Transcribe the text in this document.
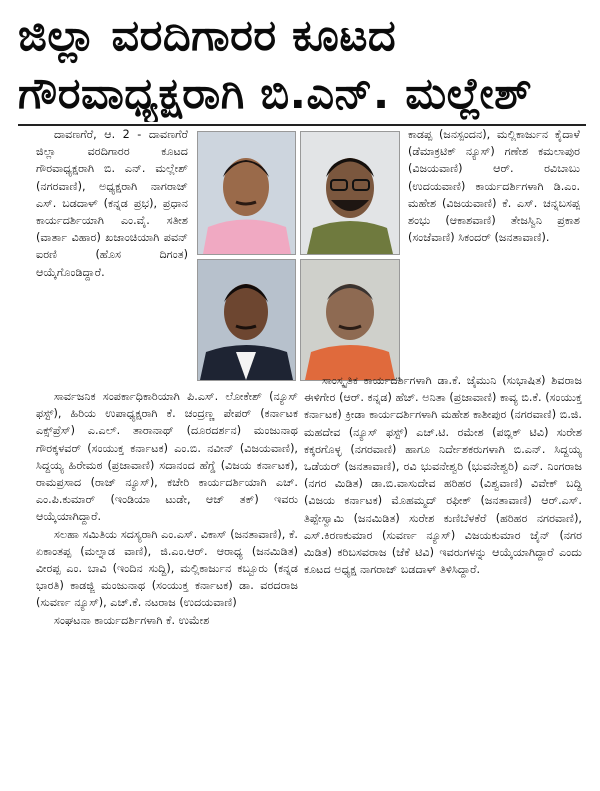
ಜಿಲ್ಲಾ ವರದಿಗಾರರ ಕೂಟದ
ಗೌರವಾಧ್ಯಕ್ಷರಾಗಿ ಬಿ.ಎನ್. ಮಲ್ಲೇಶ್

ದಾವಣಗೆರೆ, ಆ. 2 - ದಾವಣಗೆರೆ ಜಿಲ್ಲಾ ವರದಿಗಾರರ ಕೂಟದ ಗೌರವಾಧ್ಯಕ್ಷರಾಗಿ ಬಿ. ಎನ್. ಮಲ್ಲೇಶ್ (ನಗರವಾಣಿ), ಅಧ್ಯಕ್ಷರಾಗಿ ನಾಗರಾಜ್ ಎಸ್. ಬಡದಾಳ್ (ಕನ್ನಡ ಪ್ರಭ), ಪ್ರಧಾನ ಕಾರ್ಯದರ್ಶಿಯಾಗಿ ಎಂ.ವೈ. ಸತೀಶ (ವಾರ್ತಾ ವಿಹಾರ) ಖಜಾಂಚಿಯಾಗಿ ಪವನ್ ಐರಣಿ (ಹೊಸ ದಿಗಂತ) ಆಯ್ಕೆಗೊಂಡಿದ್ದಾರೆ.

ಕಾಡಪ್ಪ (ಜನಸ್ಪಂದನ), ಮಲ್ಲಿಕಾರ್ಜುನ ಕೈದಾಳೆ (ಡೆಮಾಕ್ರಟಿಕ್ ನ್ಯೂಸ್) ಗಣೇಶ ಕಮಲಾಪುರ (ವಿಜಯವಾಣಿ) ಆರ್. ರವಿಬಾಬು (ಉದಯವಾಣಿ) ಕಾರ್ಯದರ್ಶಿಗಳಾಗಿ ಡಿ.ಎಂ. ಮಹೇಶ (ವಿಜಯವಾಣಿ) ಕೆ. ಎಸ್. ಚನ್ನಬಸಪ್ಪ ಶಂಭು (ಆಕಾಶವಾಣಿ) ತೇಜಸ್ವಿನಿ ಪ್ರಕಾಶ (ಸಂಜೆವಾಣಿ) ಸಿಕಂದರ್ (ಜನತಾವಾಣಿ).

ಸಾರ್ವಜನಿಕ ಸಂಪರ್ಕಾಧಿಕಾರಿಯಾಗಿ ಪಿ.ಎಸ್. ಲೋಕೇಶ್ (ನ್ಯೂಸ್ ಫಸ್ಟ್), ಹಿರಿಯ ಉಪಾಧ್ಯಕ್ಷರಾಗಿ ಕೆ. ಚಂದ್ರಣ್ಣ ಪೇಪರ್ (ಕರ್ನಾಟಕ ಎಕ್ಸ್‌ಪ್ರೆಸ್) ಎ.ಎಲ್. ತಾರಾನಾಥ್ (ದೂರದರ್ಶನ) ಮಂಜುನಾಥ ಗೌರಕ್ಕಳವರ್ (ಸಂಯುಕ್ತ ಕರ್ನಾಟಕ) ಎಂ.ಬಿ. ನವೀನ್ (ವಿಜಯವಾಣಿ), ಸಿದ್ದಯ್ಯ ಹಿರೇಮಠ (ಪ್ರಜಾವಾಣಿ) ಸದಾನಂದ ಹೆಗ್ಡೆ (ವಿಜಯ ಕರ್ನಾಟಕ), ರಾಮಪ್ರಸಾದ (ರಾಜ್ ನ್ಯೂಸ್), ಕಚೇರಿ ಕಾರ್ಯದರ್ಶಿಯಾಗಿ ಎಚ್. ಎಂ.ಪಿ.ಕುಮಾರ್ (ಇಂಡಿಯಾ ಟುಡೇ, ಆಜ್ ತಕ್) ಇವರು ಆಯ್ಕೆಯಾಗಿದ್ದಾರೆ.

ಸಲಹಾ ಸಮಿತಿಯ ಸದಸ್ಯರಾಗಿ ಎಂ.ಎಸ್. ವಿಕಾಸ್ (ಜನತಾವಾಣಿ), ಕೆ. ಏಕಾಂತಪ್ಪ (ಮಲ್ನಾಡ ವಾಣಿ), ಜಿ.ಎಂ.ಆರ್. ಆರಾಧ್ಯ (ಜನಮಿಡಿತ) ವೀರಪ್ಪ ಎಂ. ಬಾವಿ (ಇಂದಿನ ಸುದ್ದಿ), ಮಲ್ಲಿಕಾರ್ಜುನ ಕಬ್ಬೂರು (ಕನ್ನಡ ಭಾರತಿ) ಕಾಡಜ್ಜಿ ಮಂಜುನಾಥ (ಸಂಯುಕ್ತ ಕರ್ನಾಟಕ) ಡಾ. ವರದರಾಜ (ಸುವರ್ಣ ನ್ಯೂಸ್), ಎಚ್.ಕೆ. ನಟರಾಜ (ಉದಯವಾಣಿ)

ಸಂಘಟನಾ ಕಾರ್ಯದರ್ಶಿಗಳಾಗಿ ಕೆ. ಉಮೇಶ

ಸಾಂಸ್ಕೃತಿಕ ಕಾರ್ಯದರ್ಶಿಗಳಾಗಿ ಡಾ.ಕೆ. ಜೈಮುನಿ (ಸುಭಾಷಿತ) ಶಿವರಾಜ ಈಳಿಗೇರ (ಆರ್. ಕನ್ನಡ) ಹೆಚ್. ಅನಿತಾ (ಪ್ರಜಾವಾಣಿ) ಕಾವ್ಯ ಬಿ.ಕೆ. (ಸಂಯುಕ್ತ ಕರ್ನಾಟಕ) ಕ್ರೀಡಾ ಕಾರ್ಯದರ್ಶಿಗಳಾಗಿ ಮಹೇಶ ಕಾಶೀಪುರ (ನಗರವಾಣಿ) ಬಿ.ಜಿ. ಮಹದೇವ (ನ್ಯೂಸ್ ಫಸ್ಟ್) ಎಚ್.ಟಿ. ರಮೇಶ (ಪಬ್ಲಿಕ್ ಟಿವಿ) ಸುರೇಶ ಕಕ್ಕರಗೊಳ್ಳ (ನಗರವಾಣಿ) ಹಾಗೂ ನಿರ್ದೇಶಕರುಗಳಾಗಿ ಬಿ.ಎನ್. ಸಿದ್ದಯ್ಯ ಒಡೆಯರ್ (ಜನತಾವಾಣಿ), ರವಿ ಭುವನೇಶ್ವರಿ (ಭುವನೇಶ್ವರಿ) ಎನ್. ನಿಂಗರಾಜ (ನಗರ ಮಿಡಿತ) ಡಾ.ಬಿ.ವಾಸುದೇವ ಹರಿಹರ (ವಿಶ್ವವಾಣಿ) ವಿವೇಕ್ ಬದ್ದಿ (ವಿಜಯ ಕರ್ನಾಟಕ) ಮೊಹಮ್ಮದ್ ರಫೀಕ್ (ಜನತಾವಾಣಿ) ಆರ್.ಎಸ್. ತಿಪ್ಪೇಸ್ವಾಮಿ (ಜನಮಿಡಿತ) ಸುರೇಶ ಕುಣಿಬೆಳಕೆರೆ (ಹರಿಹರ ನಗರವಾಣಿ), ಎಸ್.ಕಿರಣಕುಮಾರ (ಸುವರ್ಣ ನ್ಯೂಸ್) ವಿಜಯಕುಮಾರ ಜೈನ್ (ನಗರ ಮಿಡಿತ) ಕರಿಬಸವರಾಜ (ಜೆಕೆ ಟಿವಿ) ಇವರುಗಳನ್ನು ಆಯ್ಕೆಯಾಗಿದ್ದಾರೆ ಎಂದು ಕೂಟದ ಅಧ್ಯಕ್ಷ ನಾಗರಾಜ್ ಬಡದಾಳ್ ತಿಳಿಸಿದ್ದಾರೆ.
